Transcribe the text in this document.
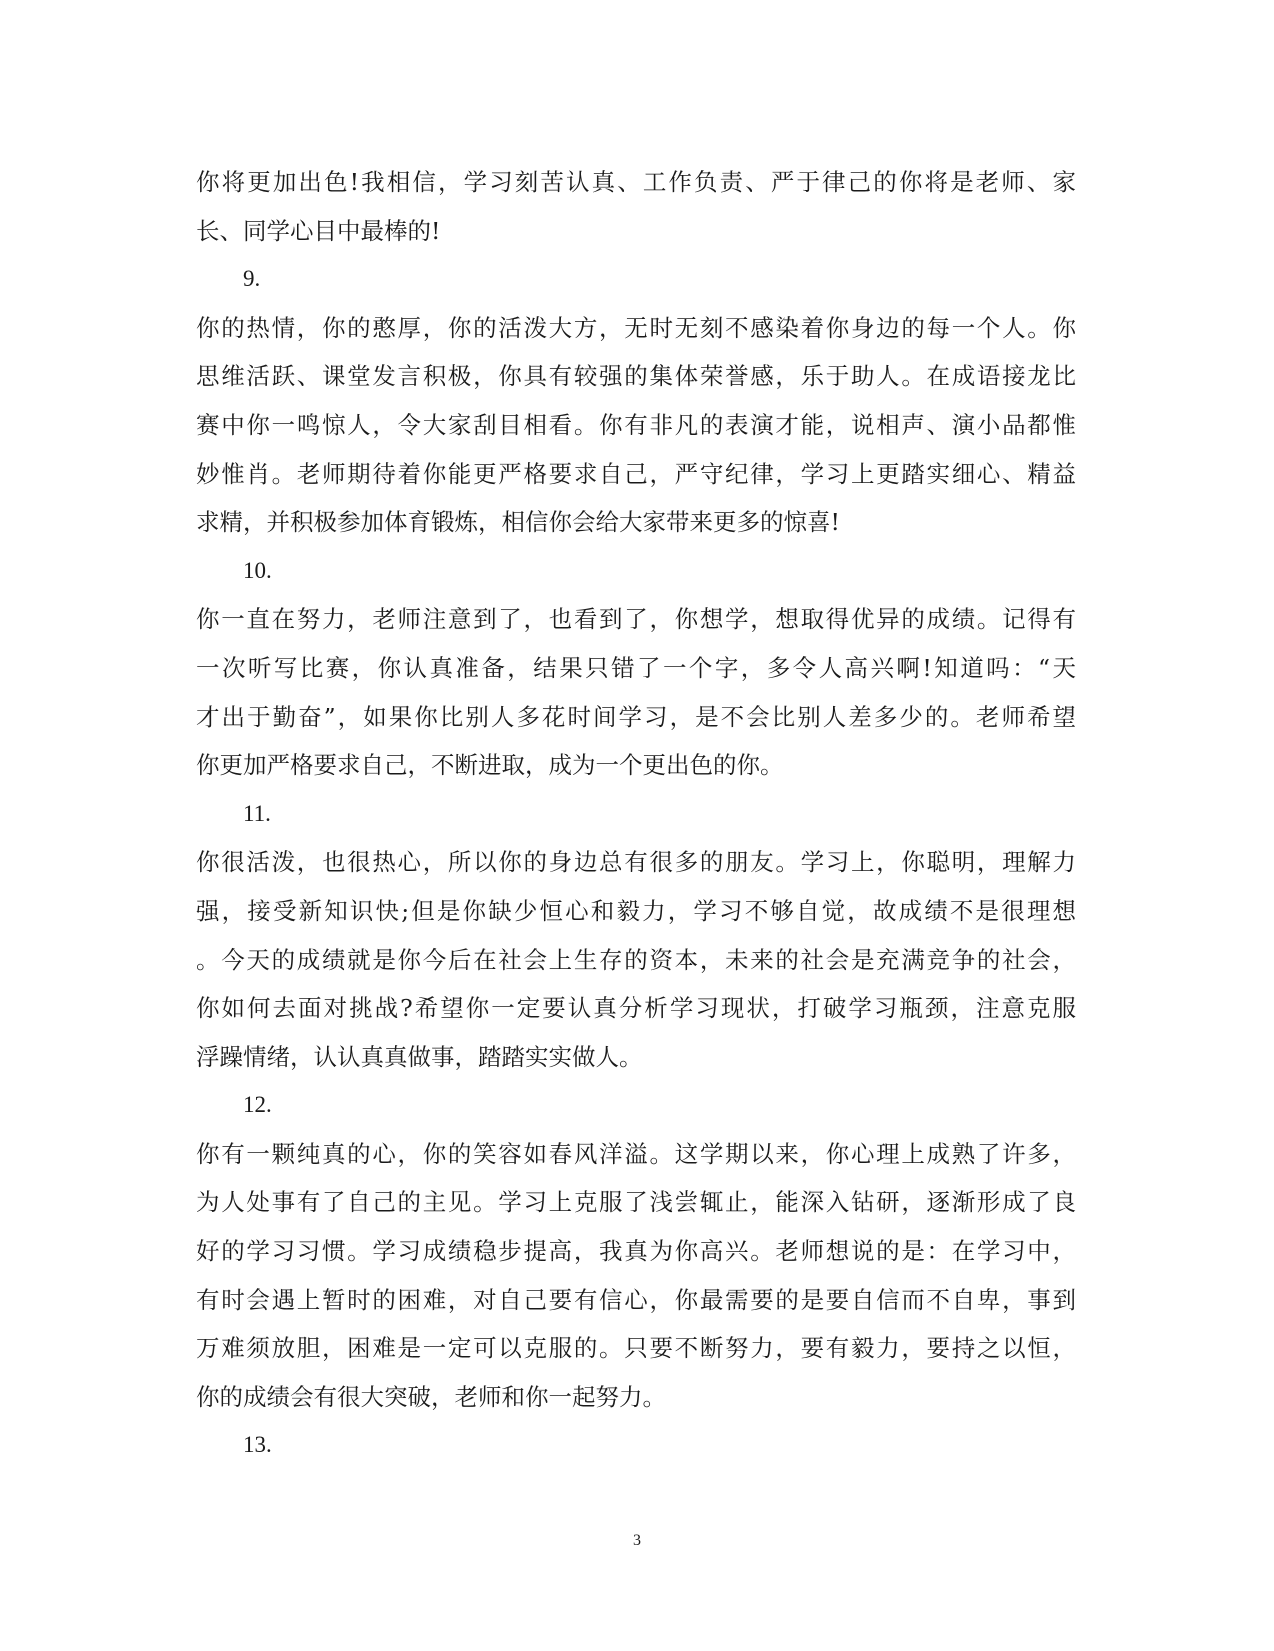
你将更加出色!我相信，学习刻苦认真、工作负责、严于律己的你将是老师、家
长、同学心目中最棒的!
9.
你的热情，你的憨厚，你的活泼大方，无时无刻不感染着你身边的每一个人。你
思维活跃、课堂发言积极，你具有较强的集体荣誉感，乐于助人。在成语接龙比
赛中你一鸣惊人，令大家刮目相看。你有非凡的表演才能，说相声、演小品都惟
妙惟肖。老师期待着你能更严格要求自己，严守纪律，学习上更踏实细心、精益
求精，并积极参加体育锻炼，相信你会给大家带来更多的惊喜!
10.
你一直在努力，老师注意到了，也看到了，你想学，想取得优异的成绩。记得有
一次听写比赛，你认真准备，结果只错了一个字，多令人高兴啊!知道吗：“天
才出于勤奋”，如果你比别人多花时间学习，是不会比别人差多少的。老师希望
你更加严格要求自己，不断进取，成为一个更出色的你。
11.
你很活泼，也很热心，所以你的身边总有很多的朋友。学习上，你聪明，理解力
强，接受新知识快;但是你缺少恒心和毅力，学习不够自觉，故成绩不是很理想
。今天的成绩就是你今后在社会上生存的资本，未来的社会是充满竞争的社会，
你如何去面对挑战?希望你一定要认真分析学习现状，打破学习瓶颈，注意克服
浮躁情绪，认认真真做事，踏踏实实做人。
12.
你有一颗纯真的心，你的笑容如春风洋溢。这学期以来，你心理上成熟了许多，
为人处事有了自己的主见。学习上克服了浅尝辄止，能深入钻研，逐渐形成了良
好的学习习惯。学习成绩稳步提高，我真为你高兴。老师想说的是：在学习中，
有时会遇上暂时的困难，对自己要有信心，你最需要的是要自信而不自卑，事到
万难须放胆，困难是一定可以克服的。只要不断努力，要有毅力，要持之以恒，
你的成绩会有很大突破，老师和你一起努力。
13.
3
